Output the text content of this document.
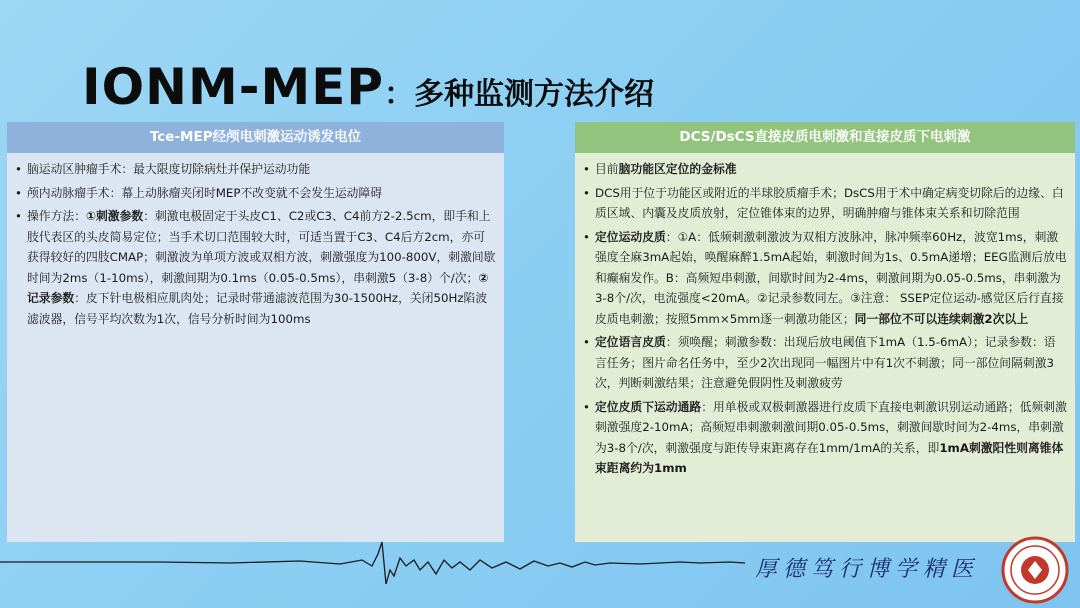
IONM-MEP：多种监测方法介绍
Tce-MEP经颅电刺激运动诱发电位
• 脑运动区肿瘤手术：最大限度切除病灶并保护运动功能
• 颅内动脉瘤手术：幕上动脉瘤夹闭时MEP不改变就不会发生运动障碍
• 操作方法：①刺激参数：刺激电极固定于头皮C1、C2或C3、C4前方2-2.5cm，即手和上肢代表区的头皮简易定位；当手术切口范围较大时，可适当置于C3、C4后方2cm，亦可获得较好的四肢CMAP；刺激波为单项方波或双相方波，刺激强度为100-800V，刺激间歇时间为2ms（1-10ms），刺激间期为0.1ms（0.05-0.5ms），串刺激5（3-8）个/次；②记录参数：皮下针电极相应肌肉处；记录时带通滤波范围为30-1500Hz，关闭50Hz陷波滤波器，信号平均次数为1次，信号分析时间为100ms
DCS/DsCS直接皮质电刺激和直接皮质下电刺激
• 目前脑功能区定位的金标准
• DCS用于位于功能区或附近的半球胶质瘤手术；DsCS用于术中确定病变切除后的边缘、白质区域、内囊及皮质放射，定位锥体束的边界，明确肿瘤与锥体束关系和切除范围
• 定位运动皮质：①A：低频刺激刺激波为双相方波脉冲，脉冲频率60Hz，波宽1ms，刺激强度全麻3mA起始，唤醒麻醉1.5mA起始，刺激时间为1s、0.5mA递增；EEG监测后放电和癫痫发作。B：高频短串刺激，间歇时间为2-4ms，刺激间期为0.05-0.5ms，串刺激为3-8个/次，电流强度<20mA。②记录参数同左。③注意： SSEP定位运动-感觉区后行直接皮质电刺激；按照5mm×5mm逐一刺激功能区；同一部位不可以连续刺激2次以上
• 定位语言皮质：须唤醒；刺激参数：出现后放电阈值下1mA（1.5-6mA）；记录参数：语言任务；图片命名任务中，至少2次出现同一幅图片中有1次不刺激；同一部位间隔刺激3次，判断刺激结果；注意避免假阴性及刺激疲劳
• 定位皮质下运动通路：用单极或双极刺激器进行皮质下直接电刺激识别运动通路；低频刺激刺激强度2-10mA；高频短串刺激刺激间期0.05-0.5ms，刺激间歇时间为2-4ms，串刺激为3-8个/次，刺激强度与距传导束距离存在1mm/1mA的关系，即1mA刺激阳性则离锥体束距离约为1mm
厚德笃行博学精医
